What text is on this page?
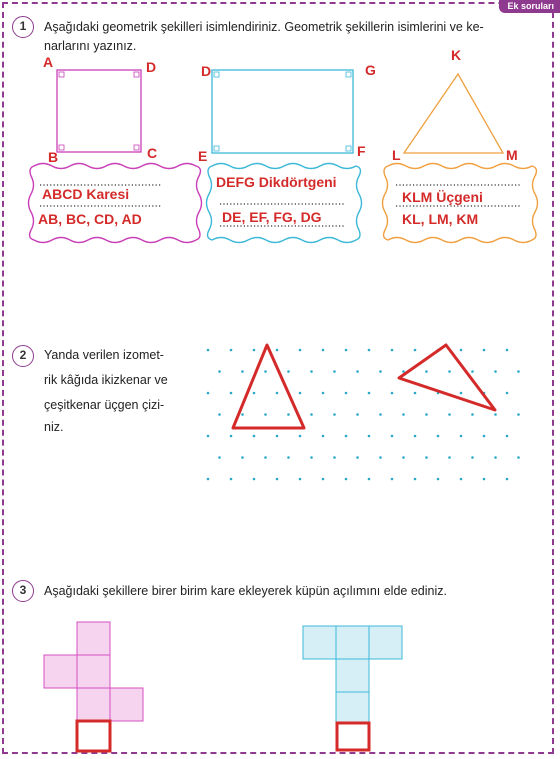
Ek soruları
1	Aşağıdaki geometrik şekilleri isimlendiriniz. Geometrik şekillerin isimlerini ve ke-
narlarını yazınız.
A	D
B	C
D	G
E	F
K
L	M
ABCD Karesi
AB, BC, CD, AD
DEFG Dikdörtgeni
DE, EF, FG, DG
KLM Üçgeni
KL, LM, KM
2	Yanda verilen izomet-
rik kâğıda ikizkenar ve
çeşitkenar üçgen çizi-
niz.
3	Aşağıdaki şekillere birer birim kare ekleyerek küpün açılımını elde ediniz.
